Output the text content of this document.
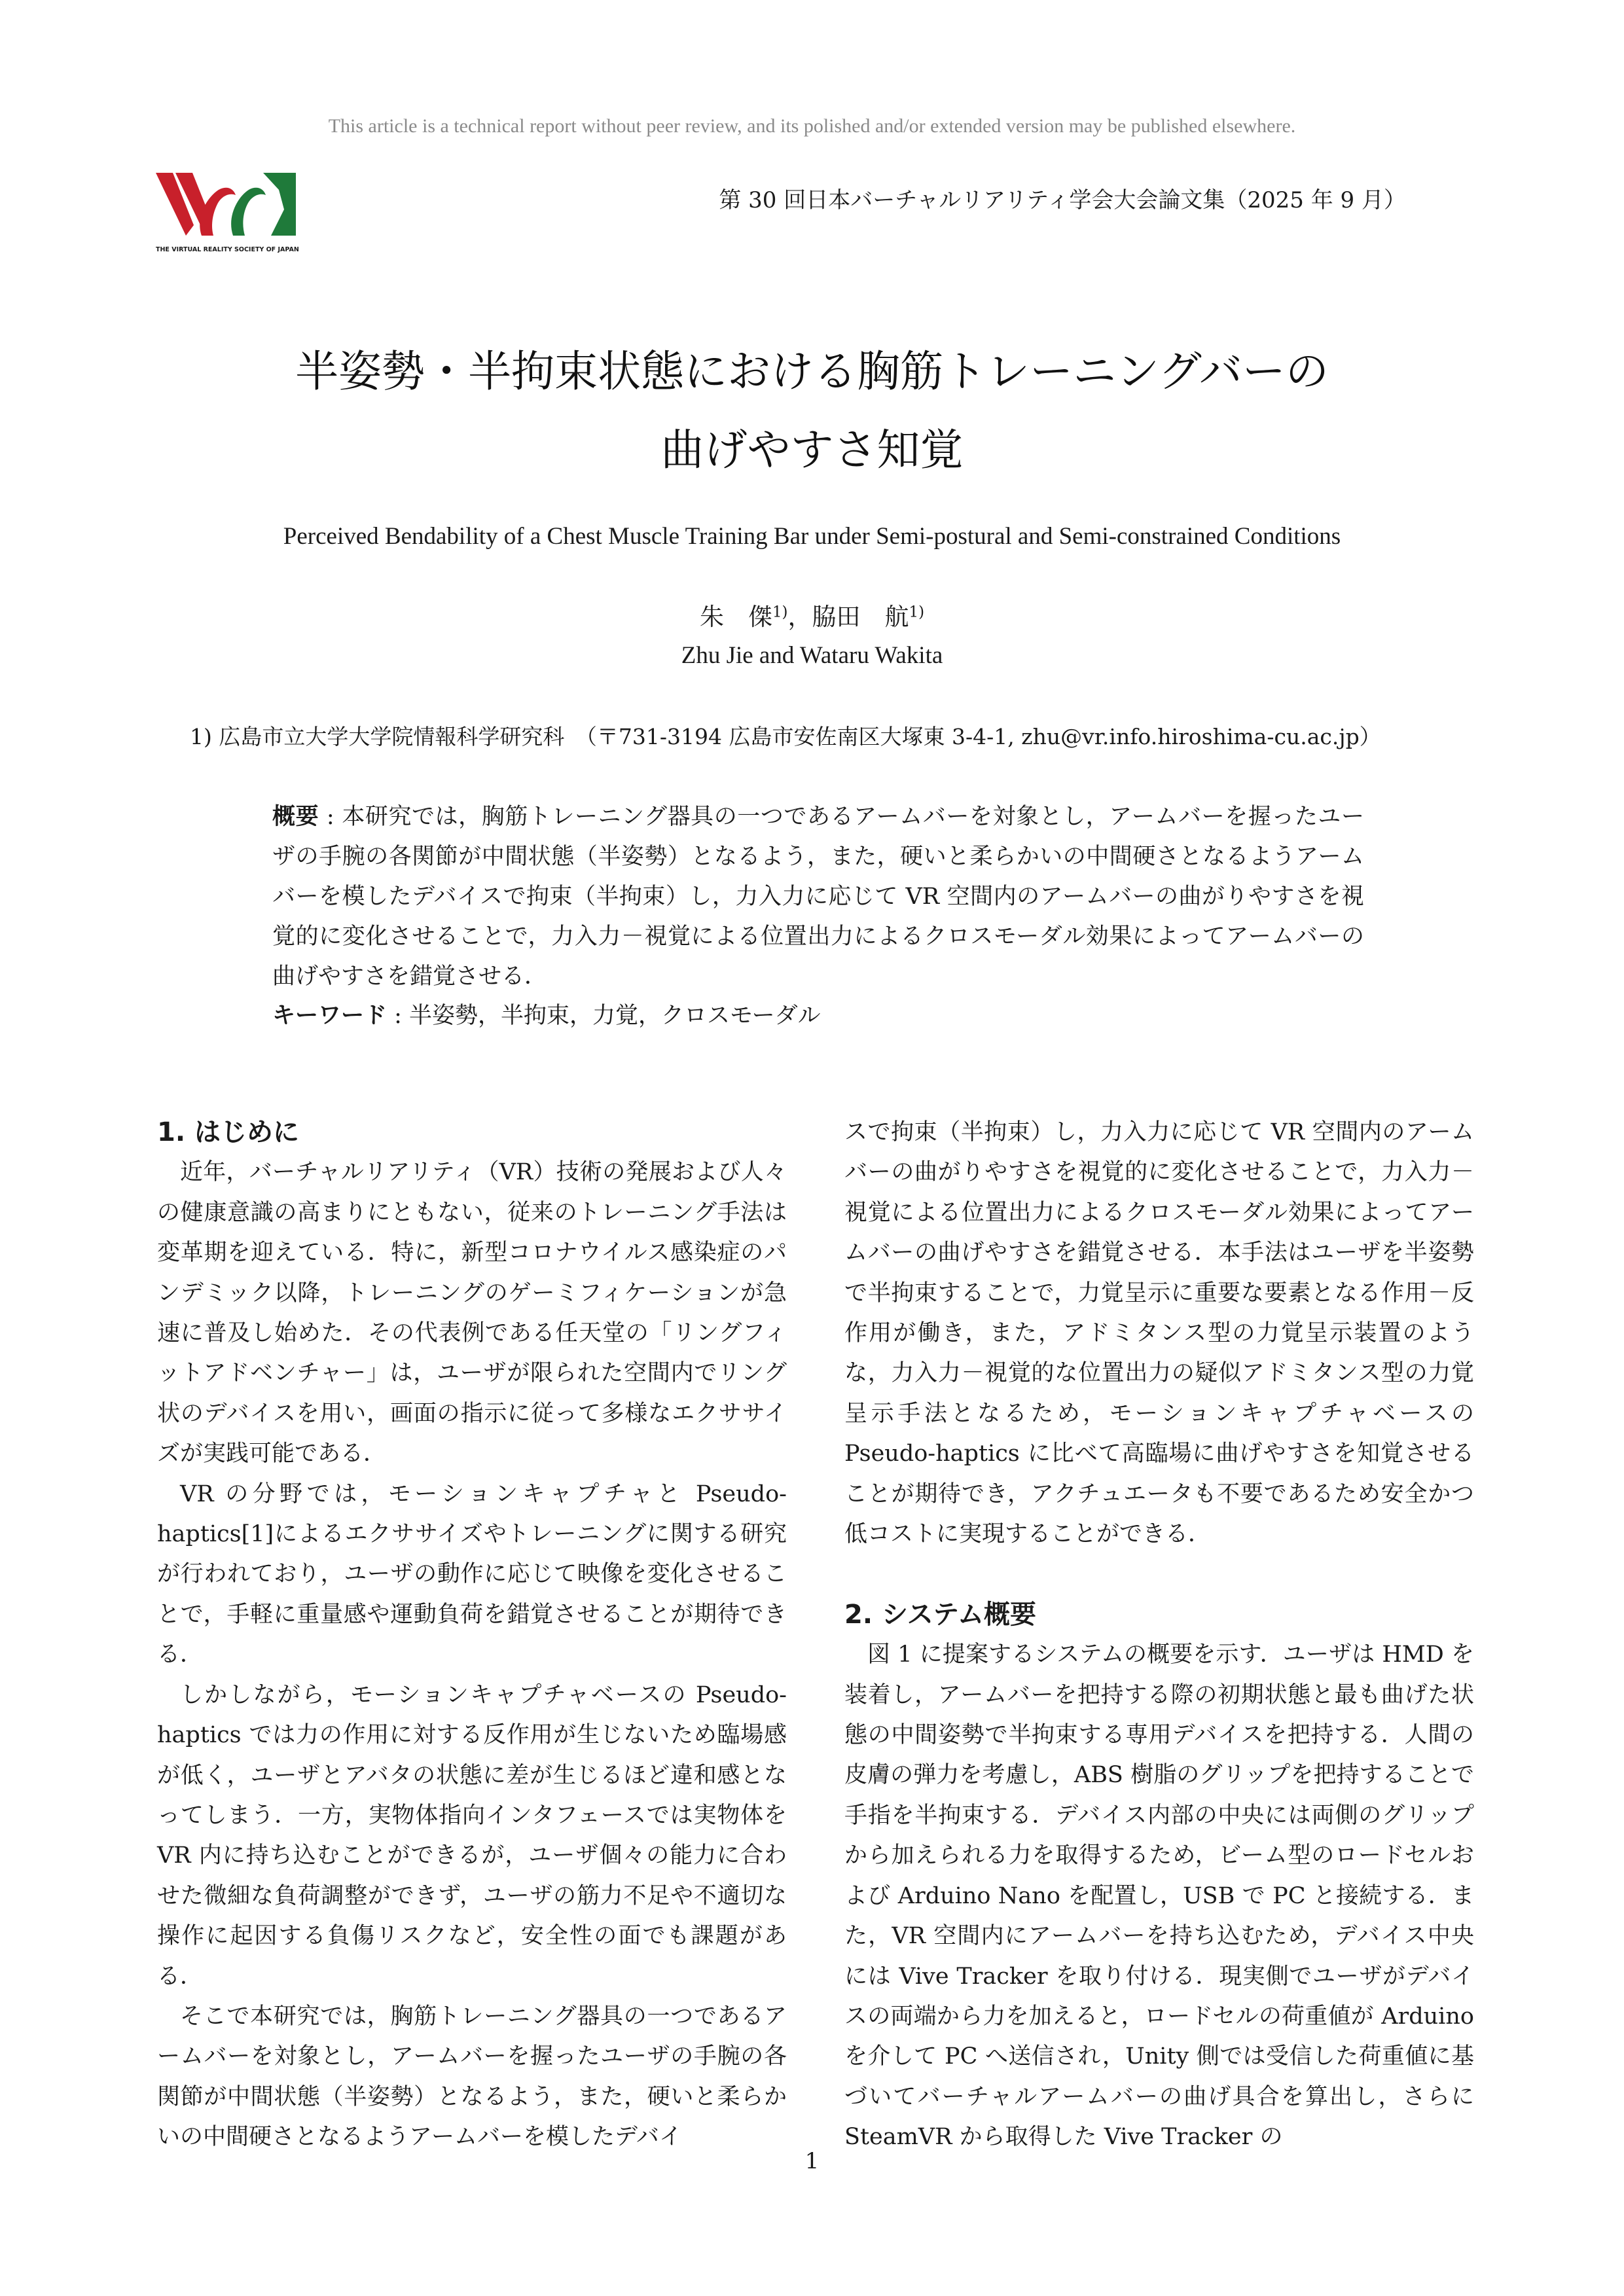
This article is a technical report without peer review, and its polished and/or extended version may be published elsewhere.
THE VIRTUAL REALITY SOCIETY OF JAPAN
第 30 回日本バーチャルリアリティ学会大会論文集（2025 年 9 月）
半姿勢・半拘束状態における胸筋トレーニングバーの
曲げやすさ知覚
Perceived Bendability of a Chest Muscle Training Bar under Semi-postural and Semi-constrained Conditions
朱　傑$^{1)}$，脇田　航$^{1)}$
Zhu Jie and Wataru Wakita
1) 広島市立大学大学院情報科学研究科　（〒731-3194 広島市安佐南区大塚東 3-4-1, zhu@vr.info.hiroshima-cu.ac.jp）
概要 : 本研究では，胸筋トレーニング器具の一つであるアームバーを対象とし，アームバーを握ったユーザの手腕の各関節が中間状態（半姿勢）となるよう，また，硬いと柔らかいの中間硬さとなるようアームバーを模したデバイスで拘束（半拘束）し，力入力に応じて VR 空間内のアームバーの曲がりやすさを視覚的に変化させることで，力入力－視覚による位置出力によるクロスモーダル効果によってアームバーの曲げやすさを錯覚させる．
キーワード : 半姿勢，半拘束，力覚，クロスモーダル
1. はじめに

近年，バーチャルリアリティ（VR）技術の発展および人々の健康意識の高まりにともない，従来のトレーニング手法は変革期を迎えている．特に，新型コロナウイルス感染症のパンデミック以降，トレーニングのゲーミフィケーションが急速に普及し始めた．その代表例である任天堂の「リングフィットアドベンチャー」は，ユーザが限られた空間内でリング状のデバイスを用い，画面の指示に従って多様なエクササイズが実践可能である．

VR の分野では，モーションキャプチャと Pseudo-haptics[1]によるエクササイズやトレーニングに関する研究が行われており，ユーザの動作に応じて映像を変化させることで，手軽に重量感や運動負荷を錯覚させることが期待できる．

しかしながら，モーションキャプチャベースの Pseudo-haptics では力の作用に対する反作用が生じないため臨場感が低く，ユーザとアバタの状態に差が生じるほど違和感となってしまう．一方，実物体指向インタフェースでは実物体を VR 内に持ち込むことができるが，ユーザ個々の能力に合わせた微細な負荷調整ができず，ユーザの筋力不足や不適切な操作に起因する負傷リスクなど，安全性の面でも課題がある．

そこで本研究では，胸筋トレーニング器具の一つであるアームバーを対象とし，アームバーを握ったユーザの手腕の各関節が中間状態（半姿勢）となるよう，また，硬いと柔らかいの中間硬さとなるようアームバーを模したデバイ

スで拘束（半拘束）し，力入力に応じて VR 空間内のアームバーの曲がりやすさを視覚的に変化させることで，力入力－視覚による位置出力によるクロスモーダル効果によってアームバーの曲げやすさを錯覚させる．本手法はユーザを半姿勢で半拘束することで，力覚呈示に重要な要素となる作用－反作用が働き，また，アドミタンス型の力覚呈示装置のような，力入力－視覚的な位置出力の疑似アドミタンス型の力覚呈示手法となるため，モーションキャプチャベースの Pseudo-haptics に比べて高臨場に曲げやすさを知覚させることが期待でき，アクチュエータも不要であるため安全かつ低コストに実現することができる．

2. システム概要

図 1 に提案するシステムの概要を示す．ユーザは HMD を装着し，アームバーを把持する際の初期状態と最も曲げた状態の中間姿勢で半拘束する専用デバイスを把持する．人間の皮膚の弾力を考慮し，ABS 樹脂のグリップを把持することで手指を半拘束する．デバイス内部の中央には両側のグリップから加えられる力を取得するため，ビーム型のロードセルおよび Arduino Nano を配置し，USB で PC と接続する．また，VR 空間内にアームバーを持ち込むため，デバイス中央には Vive Tracker を取り付ける．現実側でユーザがデバイスの両端から力を加えると，ロードセルの荷重値が Arduino を介して PC へ送信され，Unity 側では受信した荷重値に基づいてバーチャルアームバーの曲げ具合を算出し，さらに SteamVR から取得した Vive Tracker の

1
